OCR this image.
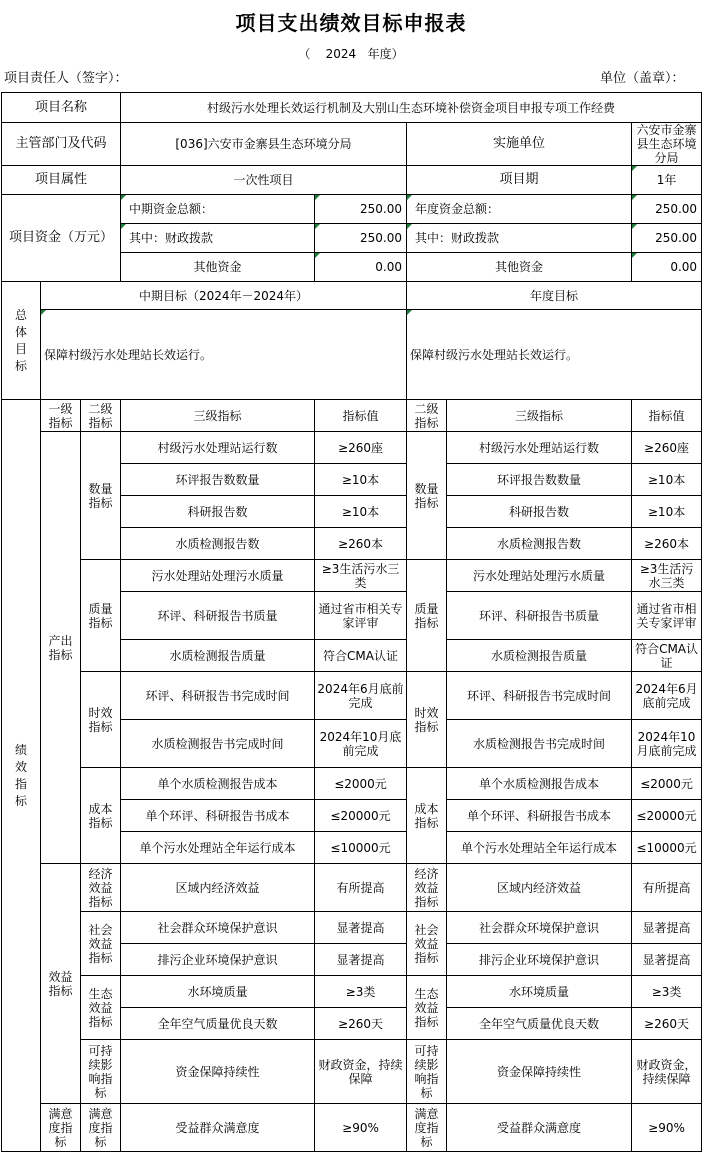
项目支出绩效目标申报表
（    2024   年度）
项目责任人（签字）：	单位（盖章）：
项目名称			村级污水处理长效运行机制及大别山生态环境补偿资金项目申报专项工作经费				
主管部门及代码			[036]六安市金寨县生态环境分局		实施单位		六安市金寨县生态环境分局
项目属性			一次性项目		项目期		1年
项目资金（万元）			中期资金总额：	250.00	年度资金总额：		250.00
			其中：财政拨款	250.00	其中：财政拨款		250.00
			其他资金	0.00	其他资金		0.00

总体目标	中期目标（2024年－2024年）				年度目标		
	保障村级污水处理站长效运行。				保障村级污水处理站长效运行。		

绩效指标	一级指标	二级指标	三级指标	指标值	二级指标	三级指标	指标值
	产出指标	数量指标	村级污水处理站运行数	≥260座	数量指标	村级污水处理站运行数	≥260座
			环评报告数数量	≥10本		环评报告数数量	≥10本
			科研报告数	≥10本		科研报告数	≥10本
			水质检测报告数	≥260本		水质检测报告数	≥260本
		质量指标	污水处理站处理污水质量	≥3生活污水三类	质量指标	污水处理站处理污水质量	≥3生活污水三类
			环评、科研报告书质量	通过省市相关专家评审		环评、科研报告书质量	通过省市相关专家评审
			水质检测报告质量	符合CMA认证		水质检测报告质量	符合CMA认证
		时效指标	环评、科研报告书完成时间	2024年6月底前完成	时效指标	环评、科研报告书完成时间	2024年6月底前完成
			水质检测报告书完成时间	2024年10月底前完成		水质检测报告书完成时间	2024年10月底前完成
		成本指标	单个水质检测报告成本	≤2000元	成本指标	单个水质检测报告成本	≤2000元
			单个环评、科研报告书成本	≤20000元		单个环评、科研报告书成本	≤20000元
			单个污水处理站全年运行成本	≤10000元		单个污水处理站全年运行成本	≤10000元
	效益指标	经济效益指标	区域内经济效益	有所提高	经济效益指标	区域内经济效益	有所提高
		社会效益指标	社会群众环境保护意识	显著提高	社会效益指标	社会群众环境保护意识	显著提高
			排污企业环境保护意识	显著提高		排污企业环境保护意识	显著提高
		生态效益指标	水环境质量	≥3类	生态效益指标	水环境质量	≥3类
			全年空气质量优良天数	≥260天		全年空气质量优良天数	≥260天
		可持续影响指标	资金保障持续性	财政资金，持续保障	可持续影响指标	资金保障持续性	财政资金，持续保障
	满意度指标	满意度指标	受益群众满意度	≥90%	满意度指标	受益群众满意度	≥90%
